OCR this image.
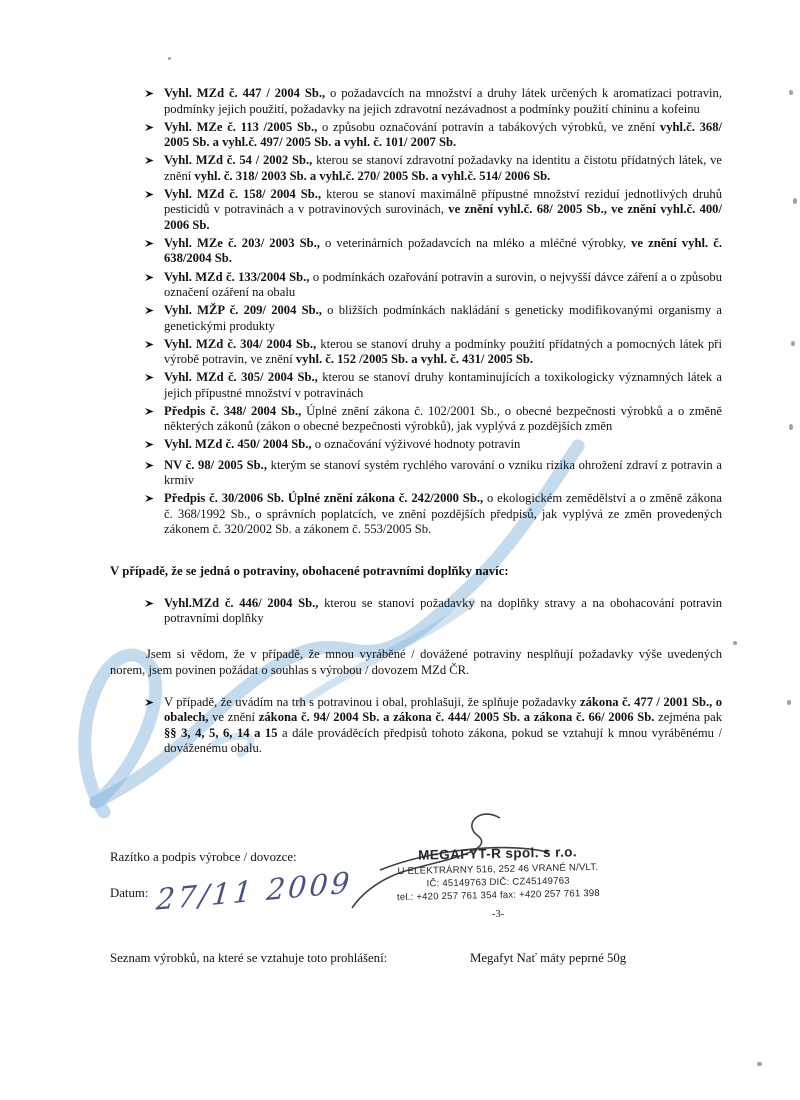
Vyhl. MZd č. 447 / 2004 Sb., o požadavcích na množství a druhy látek určených k aromatizaci potravin, podmínky jejich použití, požadavky na jejich zdravotní nezávadnost a podmínky použití chininu a kofeinu
Vyhl. MZe č. 113 /2005 Sb., o způsobu označování potravin a tabákových výrobků, ve znění vyhl.č. 368/ 2005 Sb. a vyhl.č. 497/ 2005 Sb. a vyhl. č. 101/ 2007 Sb.
Vyhl. MZd č. 54 / 2002 Sb., kterou se stanoví zdravotní požadavky na identitu a čistotu přídatných látek, ve znění vyhl. č. 318/ 2003 Sb. a vyhl.č. 270/ 2005 Sb. a vyhl.č. 514/ 2006 Sb.
Vyhl. MZd č. 158/ 2004 Sb., kterou se stanoví maximálně přípustné množství reziduí jednotlivých druhů pesticidů v potravinách a v potravinových surovinách, ve znění vyhl.č. 68/ 2005 Sb., ve znění vyhl.č. 400/ 2006 Sb.
Vyhl. MZe č. 203/ 2003 Sb., o veterinárních požadavcích na mléko a mléčné výrobky, ve znění vyhl. č. 638/2004 Sb.
Vyhl. MZd č. 133/2004 Sb., o podmínkách ozařování potravin a surovin, o nejvyšší dávce záření a o způsobu označení ozáření na obalu
Vyhl. MŽP č. 209/ 2004 Sb., o bližších podmínkách nakládání s geneticky modifikovanými organismy a genetickými produkty
Vyhl. MZd č. 304/ 2004 Sb., kterou se stanoví druhy a podmínky použití přídatných a pomocných látek při výrobě potravin, ve znění vyhl. č. 152 /2005 Sb. a vyhl. č. 431/ 2005 Sb.
Vyhl. MZd č. 305/ 2004 Sb., kterou se stanoví druhy kontaminujících a toxikologicky významných látek a jejich přípustné množství v potravinách
Předpis č. 348/ 2004 Sb., Úplné znění zákona č. 102/2001 Sb., o obecné bezpečnosti výrobků a o změně některých zákonů (zákon o obecné bezpečnosti výrobků), jak vyplývá z pozdějších změn
Vyhl. MZd č. 450/ 2004 Sb., o označování výživové hodnoty potravin
NV č. 98/ 2005 Sb., kterým se stanoví systém rychlého varování o vzniku rizika ohrožení zdraví z potravin a krmiv
Předpis č. 30/2006 Sb. Úplné znění zákona č. 242/2000 Sb., o ekologickém zemědělství a o změně zákona č. 368/1992 Sb., o správních poplatcích, ve znění pozdějších předpisů, jak vyplývá ze změn provedených zákonem č. 320/2002 Sb. a zákonem č. 553/2005 Sb.
V případě, že se jedná o potraviny, obohacené potravními doplňky navíc:
Vyhl.MZd č. 446/ 2004 Sb., kterou se stanoví požadavky na doplňky stravy a na obohacování potravin potravními doplňky

Jsem si vědom, že v případě, že mnou vyráběné / dovážené potraviny nesplňují požadavky výše uvedených norem, jsem povinen požádat o souhlas s výrobou / dovozem MZd ČR.

V případě, že uvádím na trh s potravinou i obal, prohlašuji, že splňuje požadavky zákona č. 477 / 2001 Sb., o obalech, ve znění zákona č. 94/ 2004 Sb. a zákona č. 444/ 2005 Sb. a zákona č. 66/ 2006 Sb. zejména pak §§ 3, 4, 5, 6, 14 a 15 a dále prováděcích předpisů tohoto zákona, pokud se vztahují k mnou vyráběnému / dováženému obalu.
Razítko a podpis výrobce / dovozce:
Datum: 27/11 2009
MEGAFYT-R spol. s r.o.
U ELEKTRÁRNY 516, 252 46 VRANÉ N/VLT.
IČ: 45149763 DIČ: CZ45149763
tel.: +420 257 761 354 fax: +420 257 761 398
-3-
Seznam výrobků, na které se vztahuje toto prohlášení:	Megafyt Nať máty peprné 50g
